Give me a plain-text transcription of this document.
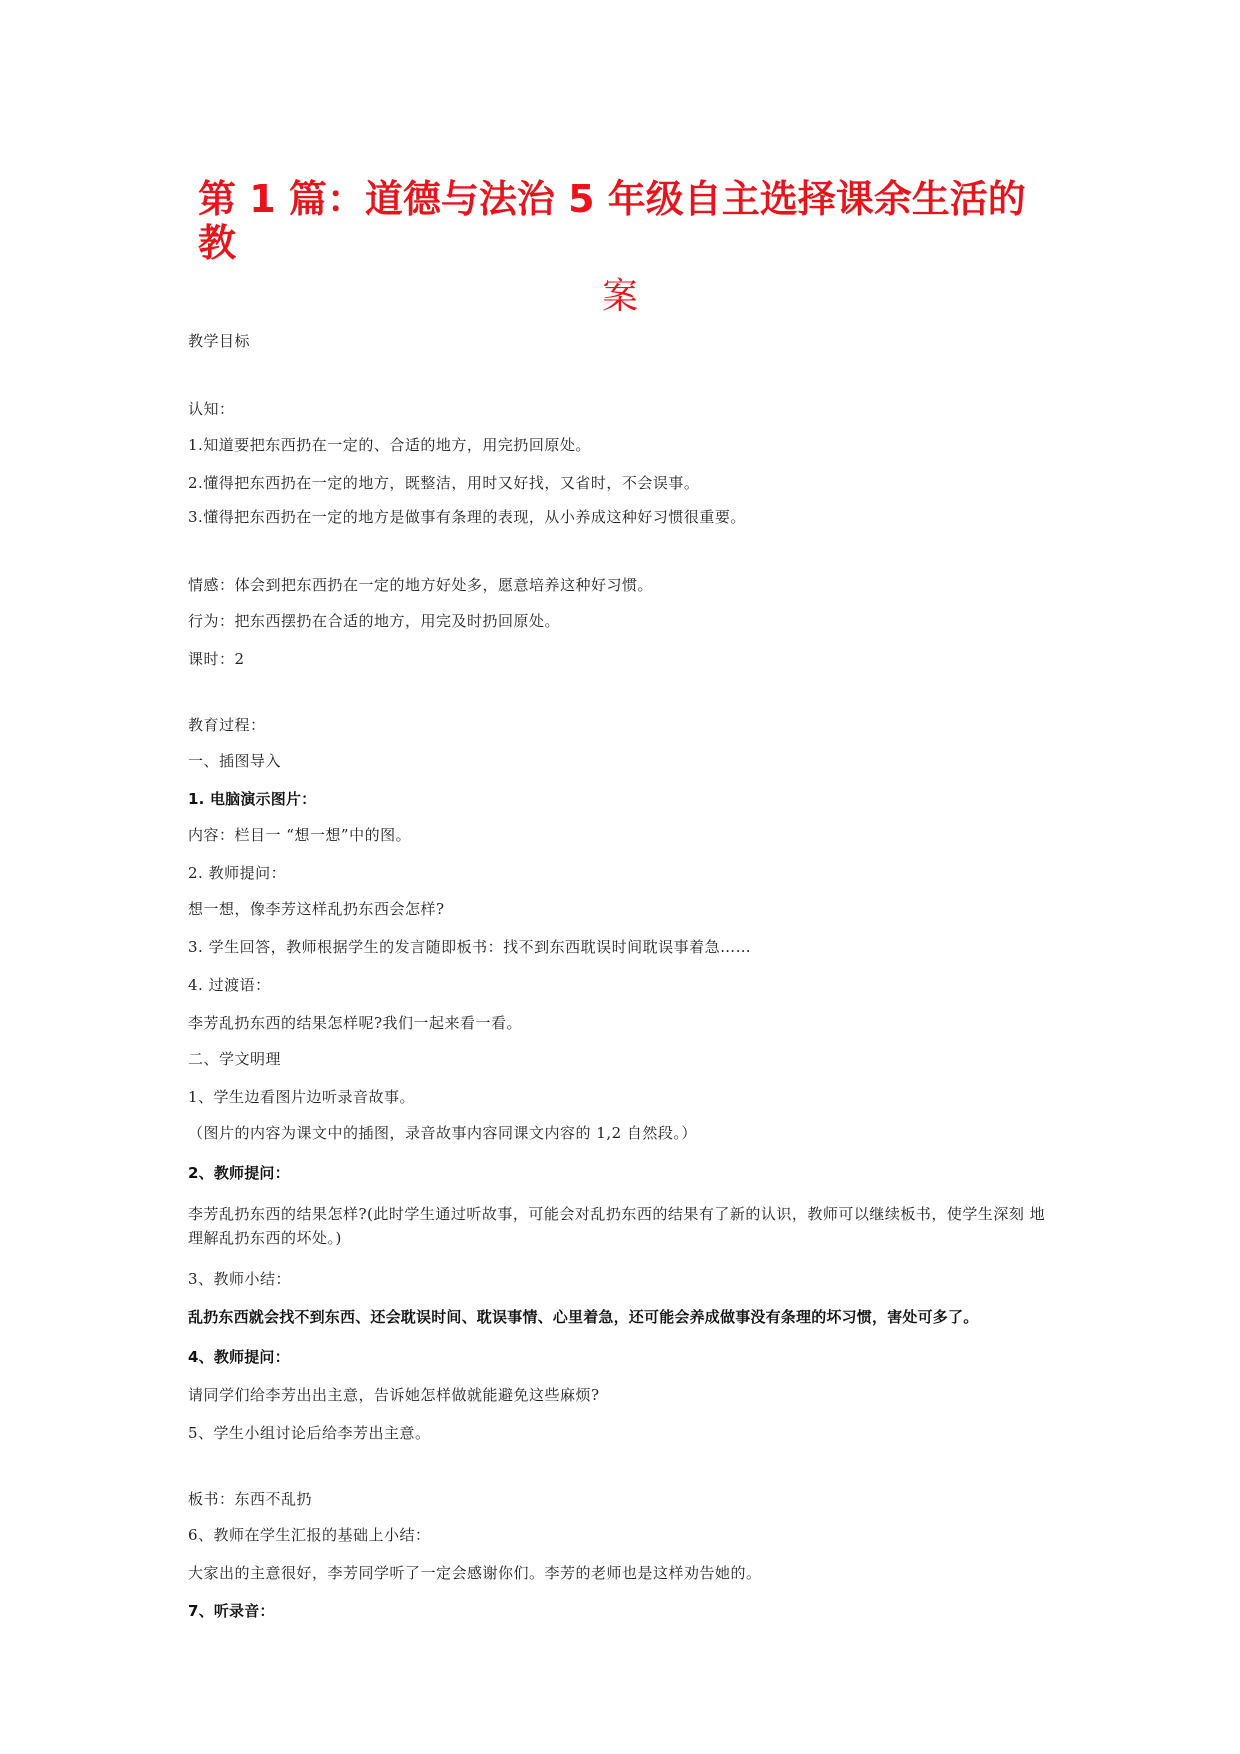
第 1 篇：道德与法治 5 年级自主选择课余生活的
教
案
教学目标
认知：
1.知道要把东西扔在一定的、合适的地方，用完扔回原处。
2.懂得把东西扔在一定的地方，既整洁，用时又好找，又省时，不会误事。
3.懂得把东西扔在一定的地方是做事有条理的表现，从小养成这种好习惯很重要。
情感：体会到把东西扔在一定的地方好处多，愿意培养这种好习惯。
行为：把东西摆扔在合适的地方，用完及时扔回原处。
课时：2
教育过程：
一、插图导入
1. 电脑演示图片：
内容：栏目一 “想一想”中的图。
2. 教师提问：
想一想，像李芳这样乱扔东西会怎样?
3. 学生回答，教师根据学生的发言随即板书：找不到东西耽误时间耽误事着急……
4. 过渡语：
李芳乱扔东西的结果怎样呢?我们一起来看一看。
二、学文明理
1、学生边看图片边听录音故事。
（图片的内容为课文中的插图，录音故事内容同课文内容的 1,2 自然段。）
2、教师提问：
李芳乱扔东西的结果怎样?(此时学生通过听故事，可能会对乱扔东西的结果有了新的认识，教师可以继续板书，使学生深刻 地理解乱扔东西的坏处。)
3、教师小结：
乱扔东西就会找不到东西、还会耽误时间、耽误事情、心里着急，还可能会养成做事没有条理的坏习惯，害处可多了。
4、教师提问：
请同学们给李芳出出主意，告诉她怎样做就能避免这些麻烦?
5、学生小组讨论后给李芳出主意。
板书：东西不乱扔
6、教师在学生汇报的基础上小结：
大家出的主意很好，李芳同学听了一定会感谢你们。李芳的老师也是这样劝告她的。
7、听录音：
